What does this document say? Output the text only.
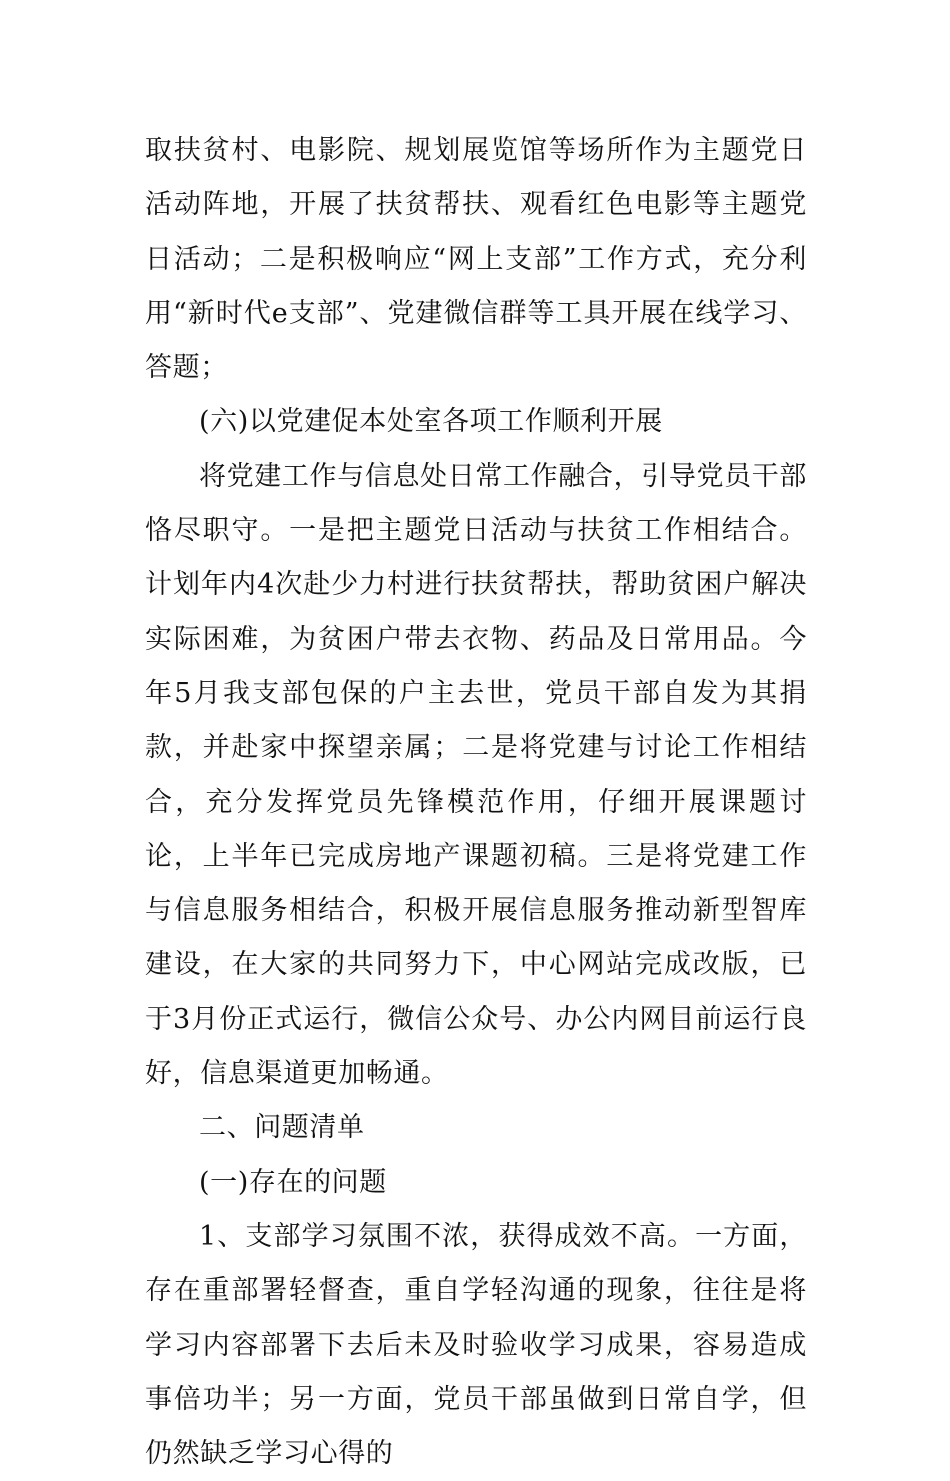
取扶贫村、电影院、规划展览馆等场所作为主题党日活动阵地，开展了扶贫帮扶、观看红色电影等主题党日活动；二是积极响应“网上支部”工作方式，充分利用“新时代e支部”、党建微信群等工具开展在线学习、答题；

(六)以党建促本处室各项工作顺利开展

将党建工作与信息处日常工作融合，引导党员干部恪尽职守。一是把主题党日活动与扶贫工作相结合。计划年内4次赴少力村进行扶贫帮扶，帮助贫困户解决实际困难，为贫困户带去衣物、药品及日常用品。今年5月我支部包保的户主去世，党员干部自发为其捐款，并赴家中探望亲属；二是将党建与讨论工作相结合，充分发挥党员先锋模范作用，仔细开展课题讨论，上半年已完成房地产课题初稿。三是将党建工作与信息服务相结合，积极开展信息服务推动新型智库建设，在大家的共同努力下，中心网站完成改版，已于3月份正式运行，微信公众号、办公内网目前运行良好，信息渠道更加畅通。

二、问题清单

(一)存在的问题

1、支部学习氛围不浓，获得成效不高。一方面，存在重部署轻督查，重自学轻沟通的现象，往往是将学习内容部署下去后未及时验收学习成果，容易造成事倍功半；另一方面，党员干部虽做到日常自学，但仍然缺乏学习心得的
